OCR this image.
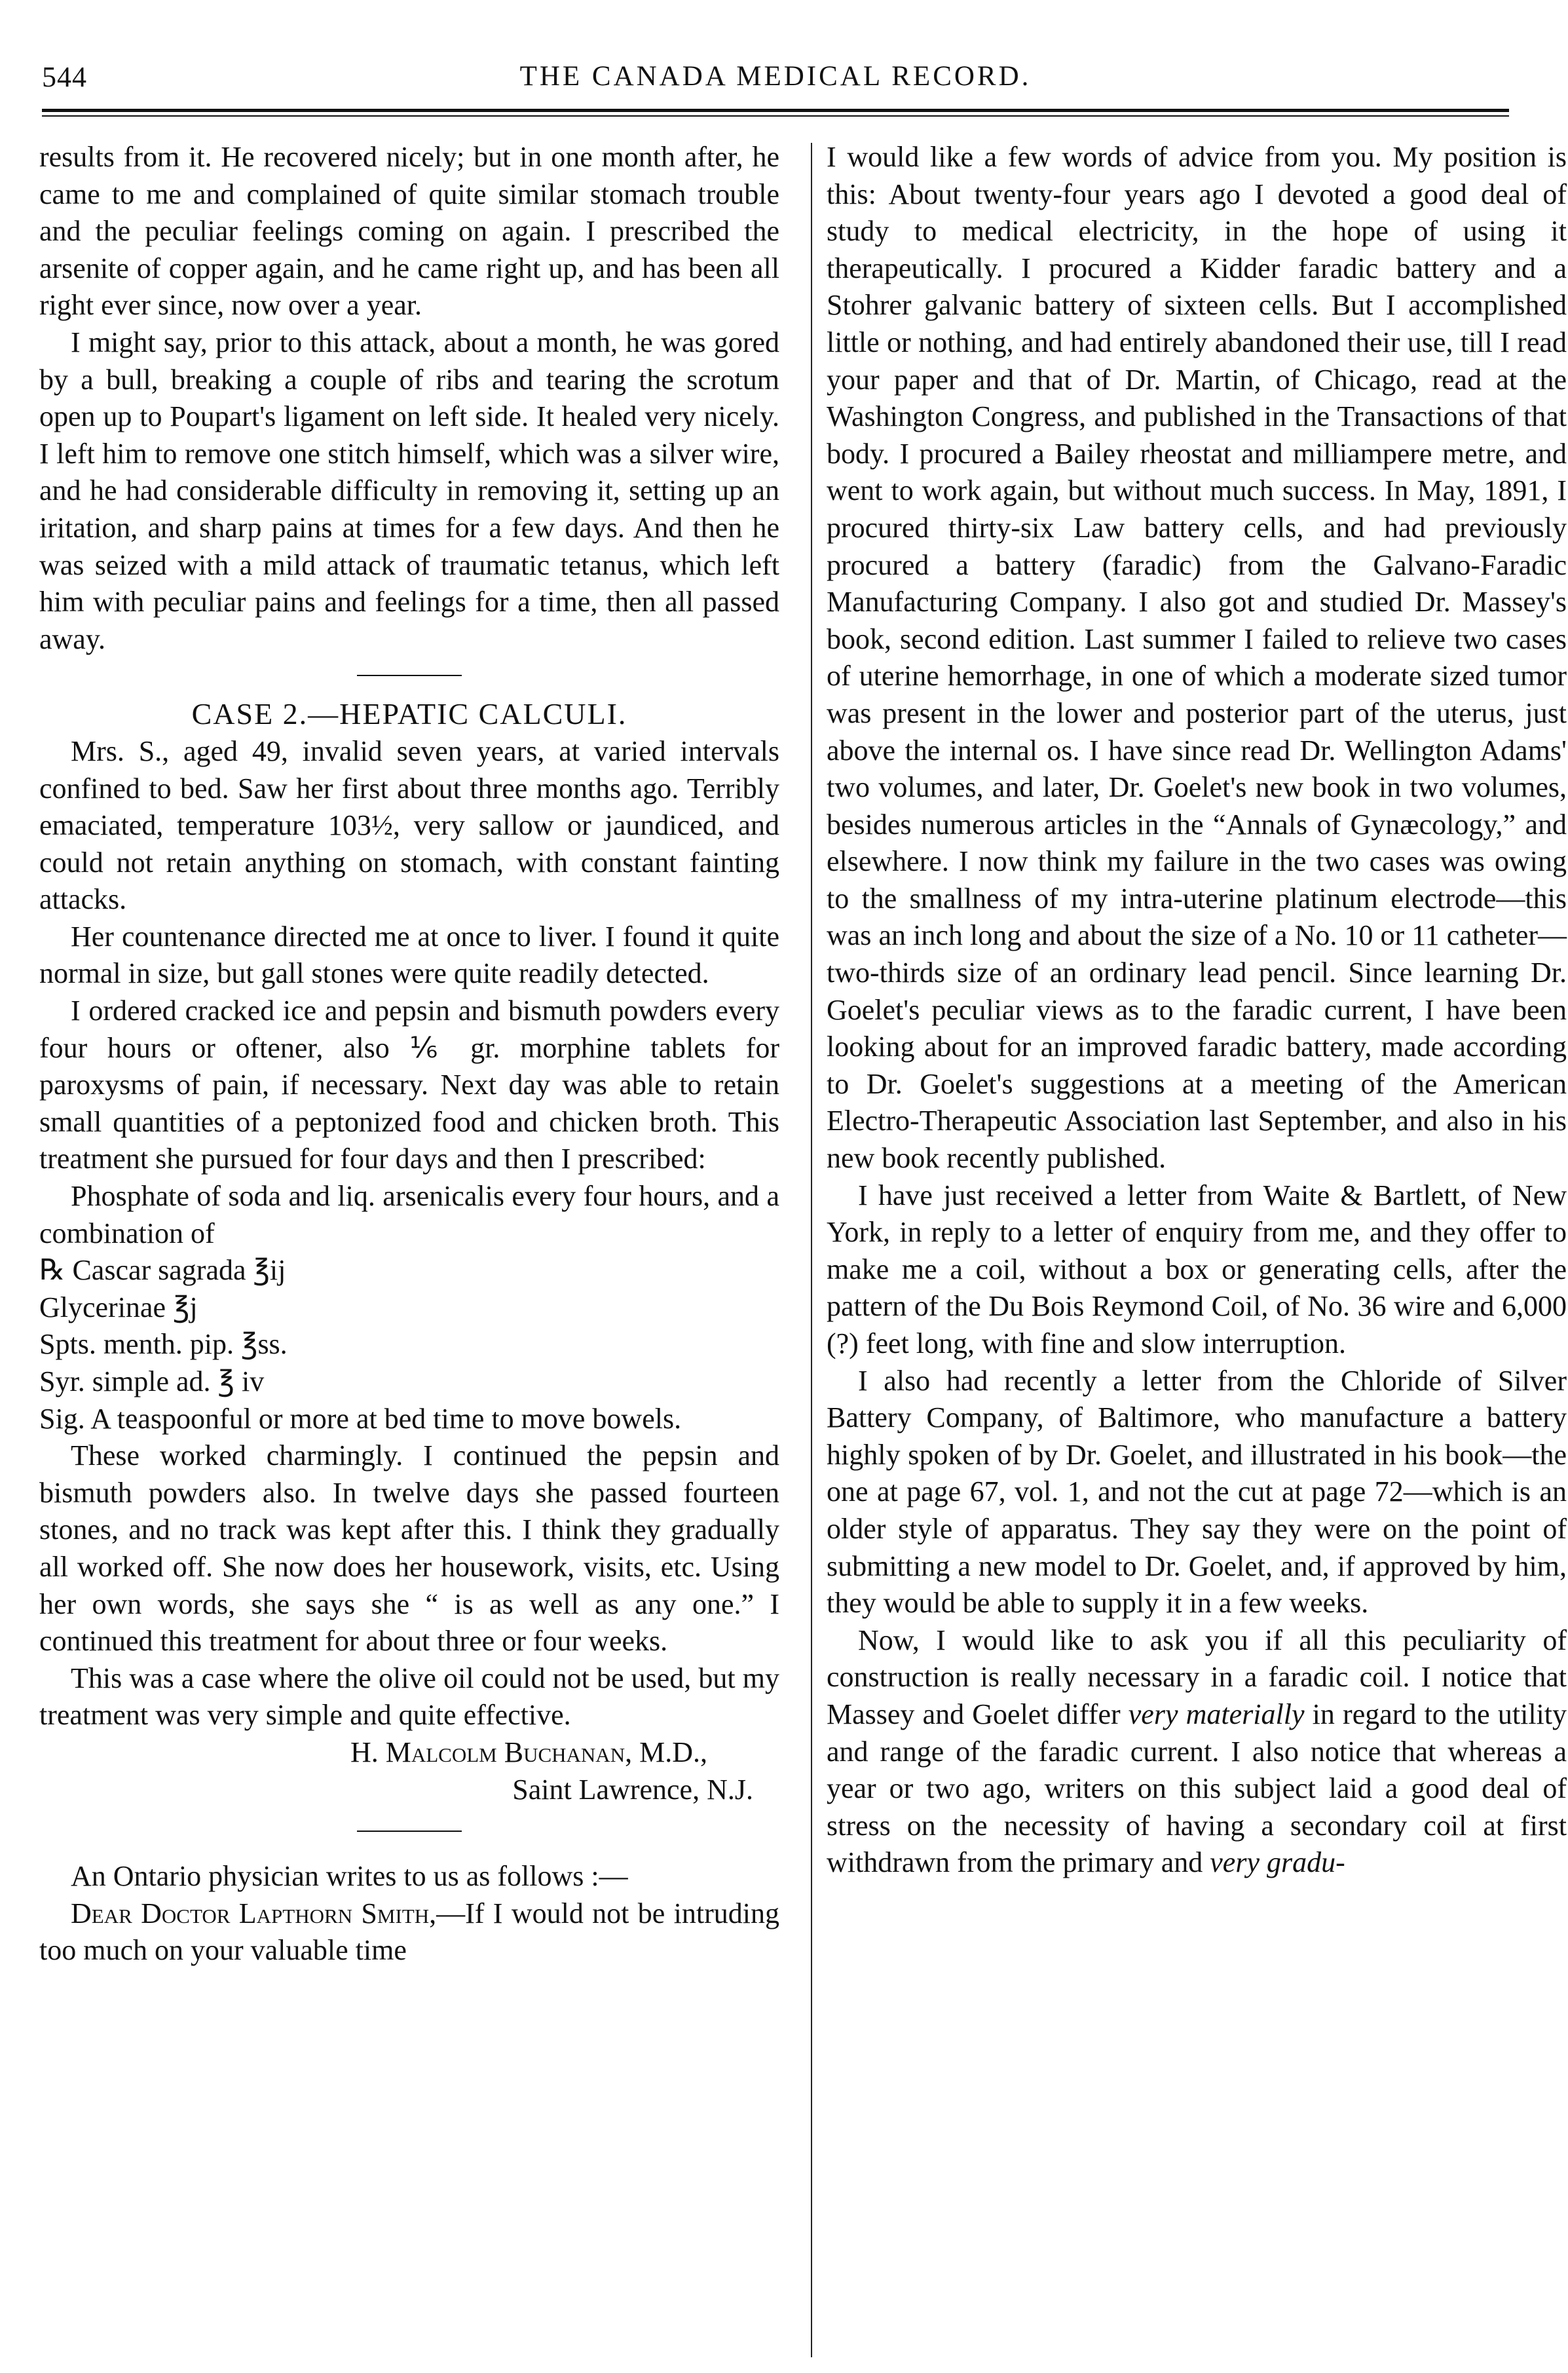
544	THE CANADA MEDICAL RECORD.

results from it. He recovered nicely; but in one month after, he came to me and complained of quite similar stomach trouble and the peculiar feelings coming on again. I prescribed the arsenite of copper again, and he came right up, and has been all right ever since, now over a year.

I might say, prior to this attack, about a month, he was gored by a bull, breaking a couple of ribs and tearing the scrotum open up to Poupart's ligament on left side. It healed very nicely. I left him to remove one stitch himself, which was a silver wire, and he had considerable difficulty in removing it, setting up an iritation, and sharp pains at times for a few days. And then he was seized with a mild attack of traumatic tetanus, which left him with peculiar pains and feelings for a time, then all passed away.

CASE 2.—HEPATIC CALCULI.

Mrs. S., aged 49, invalid seven years, at varied intervals confined to bed. Saw her first about three months ago. Terribly emaciated, temperature 103½, very sallow or jaundiced, and could not retain anything on stomach, with constant fainting attacks.

Her countenance directed me at once to liver. I found it quite normal in size, but gall stones were quite readily detected.

I ordered cracked ice and pepsin and bismuth powders every four hours or oftener, also ⅙ gr. morphine tablets for paroxysms of pain, if necessary. Next day was able to retain small quantities of a peptonized food and chicken broth. This treatment she pursued for four days and then I prescribed:

Phosphate of soda and liq. arsenicalis every four hours, and a combination of

℞ Cascar sagrada ℥ij

Glycerinae ℥j

Spts. menth. pip. ℥ss.

Syr. simple ad. ℥ iv

Sig. A teaspoonful or more at bed time to move bowels.

These worked charmingly. I continued the pepsin and bismuth powders also. In twelve days she passed fourteen stones, and no track was kept after this. I think they gradually all worked off. She now does her housework, visits, etc. Using her own words, she says she “ is as well as any one.” I continued this treatment for about three or four weeks.

This was a case where the olive oil could not be used, but my treatment was very simple and quite effective.

H. Malcolm Buchanan, M.D.,

Saint Lawrence, N.J.

An Ontario physician writes to us as follows :—

Dear Doctor Lapthorn Smith,—If I would not be intruding too much on your valuable time

I would like a few words of advice from you. My position is this: About twenty-four years ago I devoted a good deal of study to medical electricity, in the hope of using it therapeutically. I procured a Kidder faradic battery and a Stohrer galvanic battery of sixteen cells. But I accomplished little or nothing, and had entirely abandoned their use, till I read your paper and that of Dr. Martin, of Chicago, read at the Washington Congress, and published in the Transactions of that body. I procured a Bailey rheostat and milliampere metre, and went to work again, but without much success. In May, 1891, I procured thirty-six Law battery cells, and had previously procured a battery (faradic) from the Galvano-Faradic Manufacturing Company. I also got and studied Dr. Massey's book, second edition. Last summer I failed to relieve two cases of uterine hemorrhage, in one of which a moderate sized tumor was present in the lower and posterior part of the uterus, just above the internal os. I have since read Dr. Wellington Adams' two volumes, and later, Dr. Goelet's new book in two volumes, besides numerous articles in the “Annals of Gynæcology,” and elsewhere. I now think my failure in the two cases was owing to the smallness of my intra-uterine platinum electrode—this was an inch long and about the size of a No. 10 or 11 catheter—two-thirds size of an ordinary lead pencil. Since learning Dr. Goelet's peculiar views as to the faradic current, I have been looking about for an improved faradic battery, made according to Dr. Goelet's suggestions at a meeting of the American Electro-Therapeutic Association last September, and also in his new book recently published.

I have just received a letter from Waite & Bartlett, of New York, in reply to a letter of enquiry from me, and they offer to make me a coil, without a box or generating cells, after the pattern of the Du Bois Reymond Coil, of No. 36 wire and 6,000 (?) feet long, with fine and slow interruption.

I also had recently a letter from the Chloride of Silver Battery Company, of Baltimore, who manufacture a battery highly spoken of by Dr. Goelet, and illustrated in his book—the one at page 67, vol. 1, and not the cut at page 72—which is an older style of apparatus. They say they were on the point of submitting a new model to Dr. Goelet, and, if approved by him, they would be able to supply it in a few weeks.

Now, I would like to ask you if all this peculiarity of construction is really necessary in a faradic coil. I notice that Massey and Goelet differ very materially in regard to the utility and range of the faradic current. I also notice that whereas a year or two ago, writers on this subject laid a good deal of stress on the necessity of having a secondary coil at first withdrawn from the primary and very gradu-
